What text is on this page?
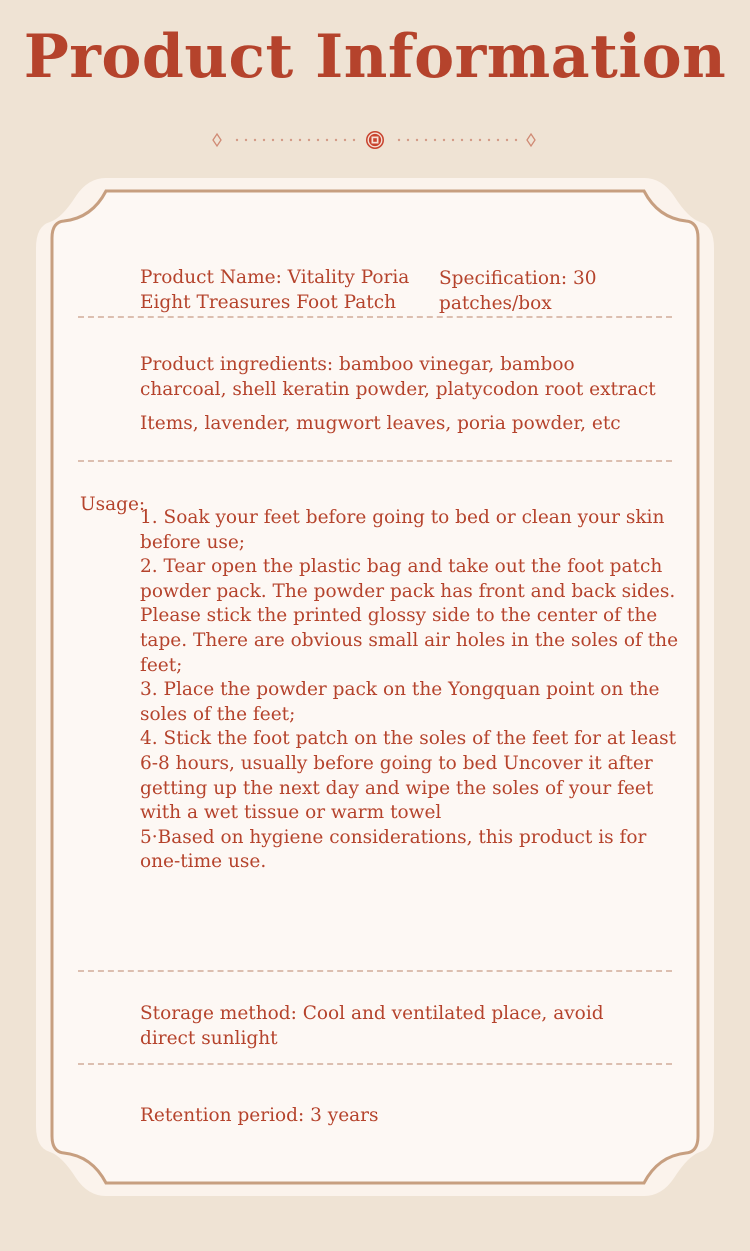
Product Information
Product Name: Vitality Poria Eight Treasures Foot Patch
Specification: 30 patches/box
Product ingredients: bamboo vinegar, bamboo charcoal, shell keratin powder, platycodon root extract
Items, lavender, mugwort leaves, poria powder, etc
Usage:
1. Soak your feet before going to bed or clean your skin before use;
2. Tear open the plastic bag and take out the foot patch powder pack. The powder pack has front and back sides. Please stick the printed glossy side to the center of the tape. There are obvious small air holes in the soles of the feet;
3. Place the powder pack on the Yongquan point on the soles of the feet;
4. Stick the foot patch on the soles of the feet for at least 6-8 hours, usually before going to bed Uncover it after getting up the next day and wipe the soles of your feet with a wet tissue or warm towel
5·Based on hygiene considerations, this product is for one-time use.
Storage method: Cool and ventilated place, avoid direct sunlight
Retention period: 3 years
